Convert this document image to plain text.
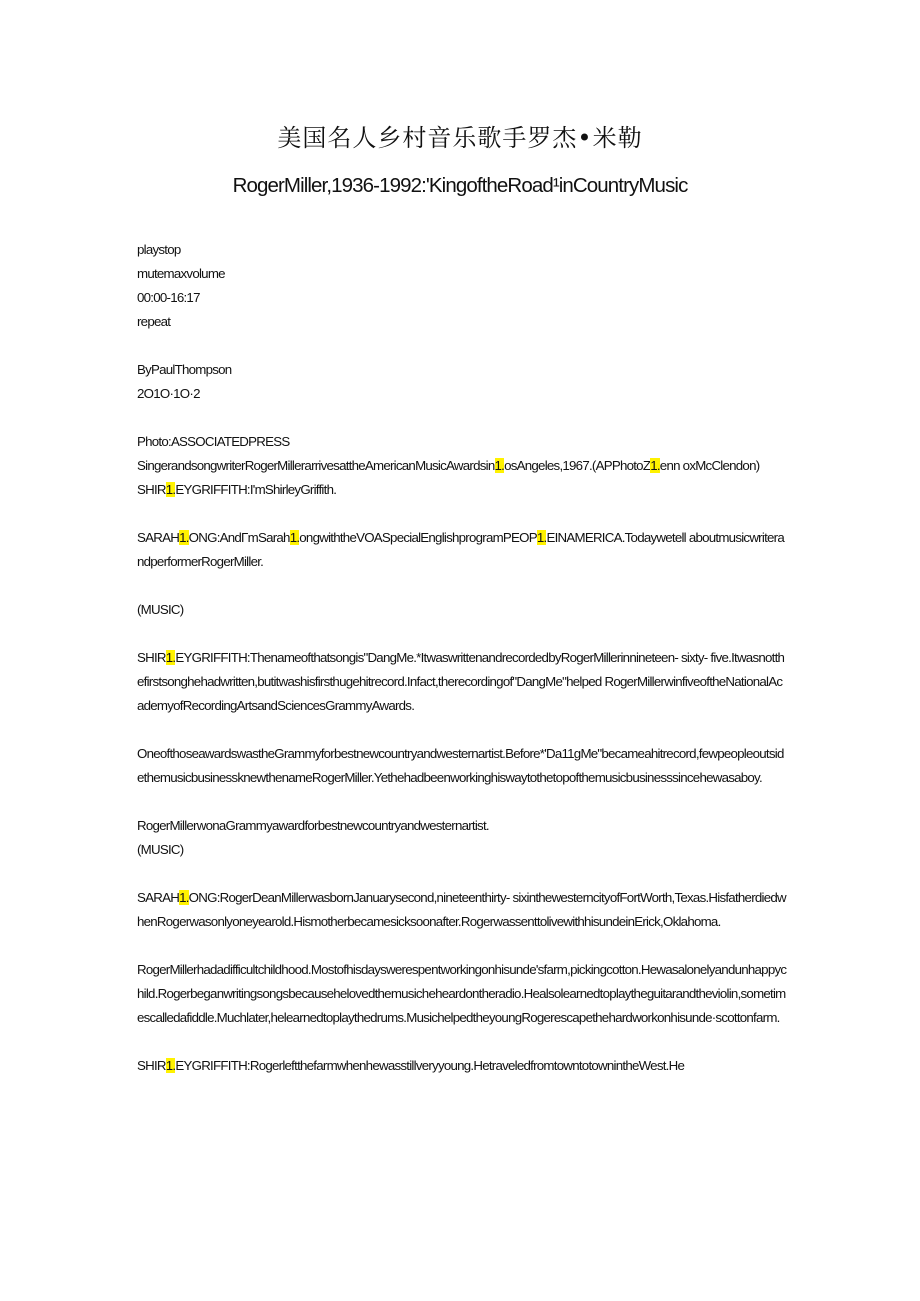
美国名人乡村音乐歌手罗杰•米勒
RogerMiller,1936-1992:'KingoftheRoad¹inCountryMusic

playstop

mutemaxvolume

00:00-16:17

repeat

ByPaulThompson

2O1O·1O·2

Photo:ASSOCIATEDPRESS

SingerandsongwriterRogerMillerarrivesattheAmericanMusicAwardsin1.osAngeles,1967.(APPhotoZ1.enn oxMcClendon)

SHIR1.EYGRIFFITH:I'mShirleyGriffith.

SARAH1.ONG:AndΓmSarah1.ongwiththeVOASpecialEnglishprogramPEOP1.EINAMERICA.Todaywetell aboutmusicwriterandperformerRogerMiller.

(MUSIC)

SHIR1.EYGRIFFITH:Thenameofthatsongis"DangMe.*ItwaswrittenandrecordedbyRogerMillerinnineteen- sixty- five.Itwasnotthefirstsonghehadwritten,butitwashisfirsthugehitrecord.Infact,therecordingof"DangMe"helped RogerMillerwinfiveoftheNationalAcademyofRecordingArtsandSciencesGrammyAwards.

OneofthoseawardswastheGrammyforbestnewcountryandwesternartist.Before*'Da11gMe"becameahitrecord,fewpeopleoutsidethemusicbusinessknewthenameRogerMiller.Yethehadbeenworkinghiswaytothetopofthemusicbusinesssincehewasaboy.

RogerMillerwonaGrammyawardforbestnewcountryandwesternartist.

(MUSIC)

SARAH1.ONG:RogerDeanMillerwasbornJanuarysecond,nineteenthirty- sixinthewesterncityofFortWorth,Texas.HisfatherdiedwhenRogerwasonlyoneyearold.Hismotherbecamesicksoonafter.RogerwassenttolivewithhisundeinErick,Oklahoma.

RogerMillerhadadifficultchildhood.Mostofhisdayswerespentworkingonhisunde'sfarm,pickingcotton.Hewasalonelyandunhappychild.Rogerbeganwritingsongsbecausehelovedthemusicheheardontheradio.Healsolearnedtoplaytheguitarandtheviolin,sometimescalledafiddle.Muchlater,helearnedtoplaythedrums.MusichelpedtheyoungRogerescapethehardworkonhisunde·scottonfarm.

SHIR1.EYGRIFFITH:Rogerleftthefarmwhenhewasstillveryyoung.HetraveledfromtowntotownintheWest.He
